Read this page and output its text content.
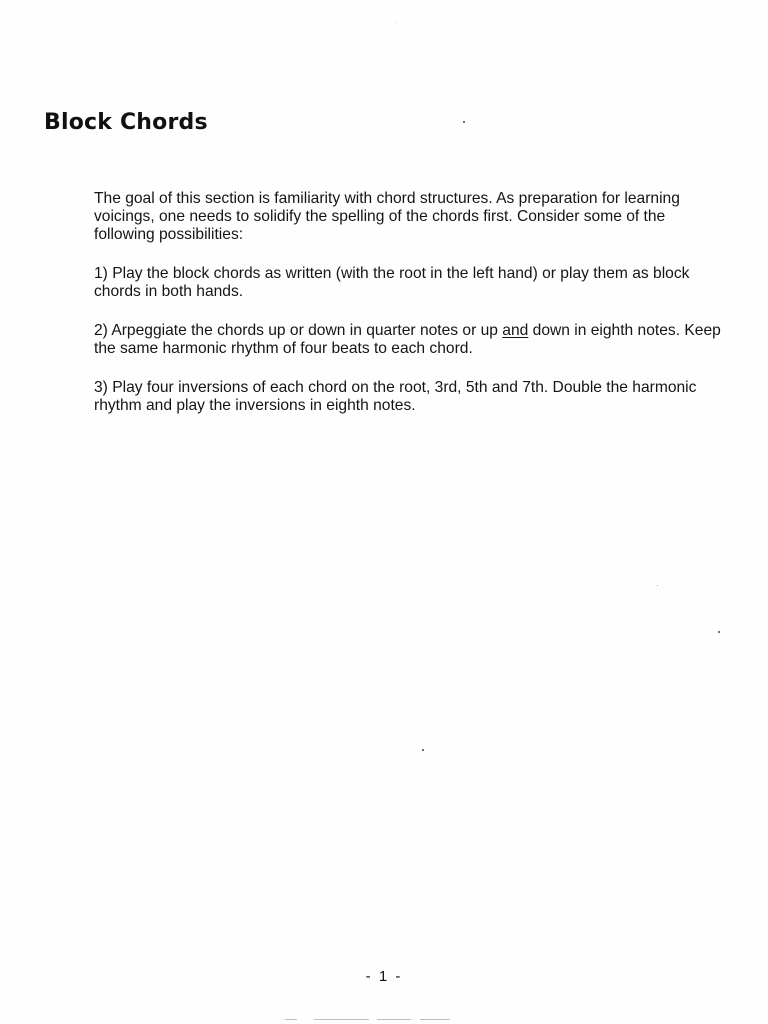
Block Chords

The goal of this section is familiarity with chord structures. As preparation for learning voicings, one needs to solidify the spelling of the chords first. Consider some of the following possibilities:

1) Play the block chords as written (with the root in the left hand) or play them as block chords in both hands.

2) Arpeggiate the chords up or down in quarter notes or up and down in eighth notes. Keep the same harmonic rhythm of four beats to each chord.

3) Play four inversions of each chord on the root, 3rd, 5th and 7th. Double the harmonic rhythm and play the inversions in eighth notes.

- 1 -
